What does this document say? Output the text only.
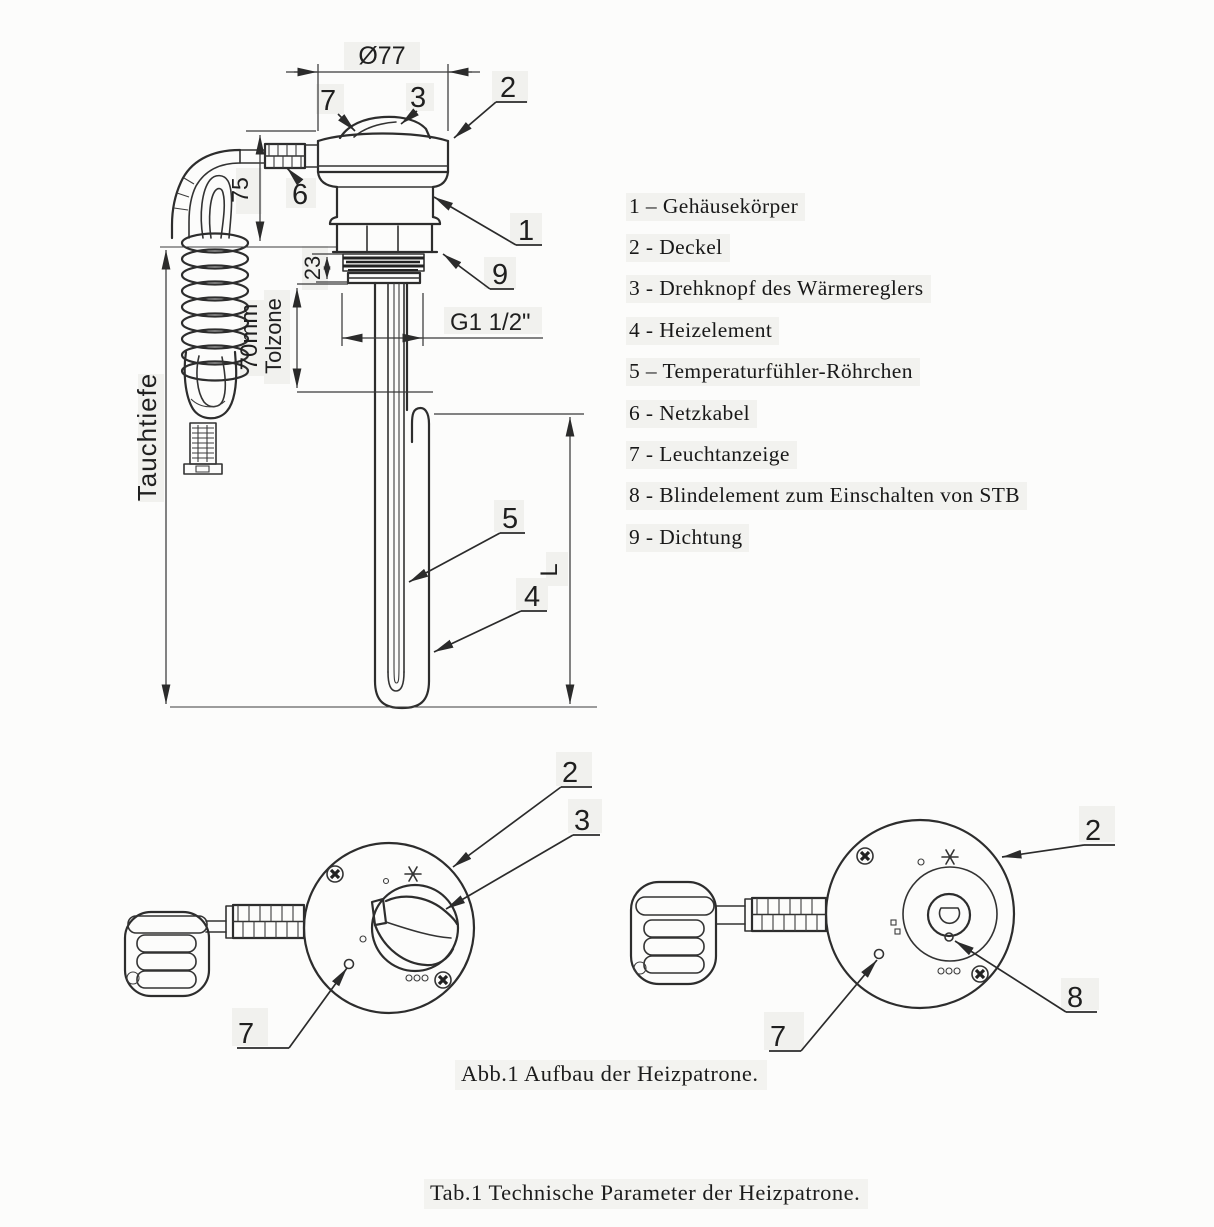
Ø77
75
Tauchtiefe
23
70mm
Tolzone	G1 1/2"
L
7	3	2
6
1
9
5
4
2
3
7
2
8
7
1 – Gehäusekörper
2 - Deckel
3 - Drehknopf des Wärmereglers
4 - Heizelement
5 – Temperaturfühler-Röhrchen
6 - Netzkabel
7 - Leuchtanzeige
8 - Blindelement zum Einschalten von STB
9 - Dichtung
Abb.1 Aufbau der Heizpatrone.
Tab.1 Technische Parameter der Heizpatrone.
